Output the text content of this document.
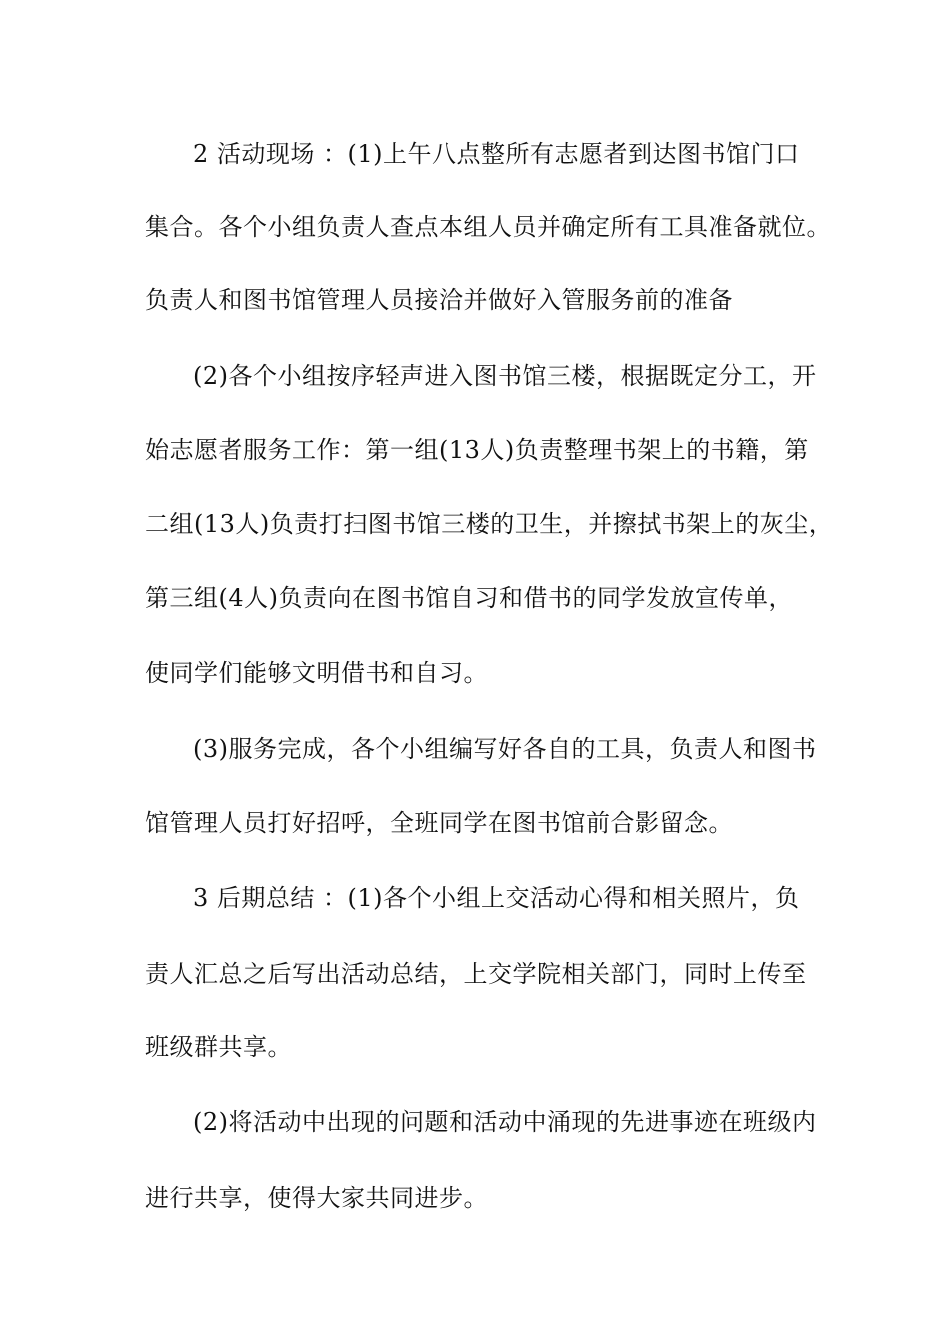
2 活动现场 ：(1)上午八点整所有志愿者到达图书馆门口
集合。各个小组负责人查点本组人员并确定所有工具准备就位。
负责人和图书馆管理人员接洽并做好入管服务前的准备
(2)各个小组按序轻声进入图书馆三楼，根据既定分工，开
始志愿者服务工作：第一组(13人)负责整理书架上的书籍，第
二组(13人)负责打扫图书馆三楼的卫生，并擦拭书架上的灰尘，
第三组(4人)负责向在图书馆自习和借书的同学发放宣传单，
使同学们能够文明借书和自习。
(3)服务完成，各个小组编写好各自的工具，负责人和图书
馆管理人员打好招呼，全班同学在图书馆前合影留念。
3 后期总结 ：(1)各个小组上交活动心得和相关照片，负
责人汇总之后写出活动总结，上交学院相关部门，同时上传至
班级群共享。
(2)将活动中出现的问题和活动中涌现的先进事迹在班级内
进行共享，使得大家共同进步。
